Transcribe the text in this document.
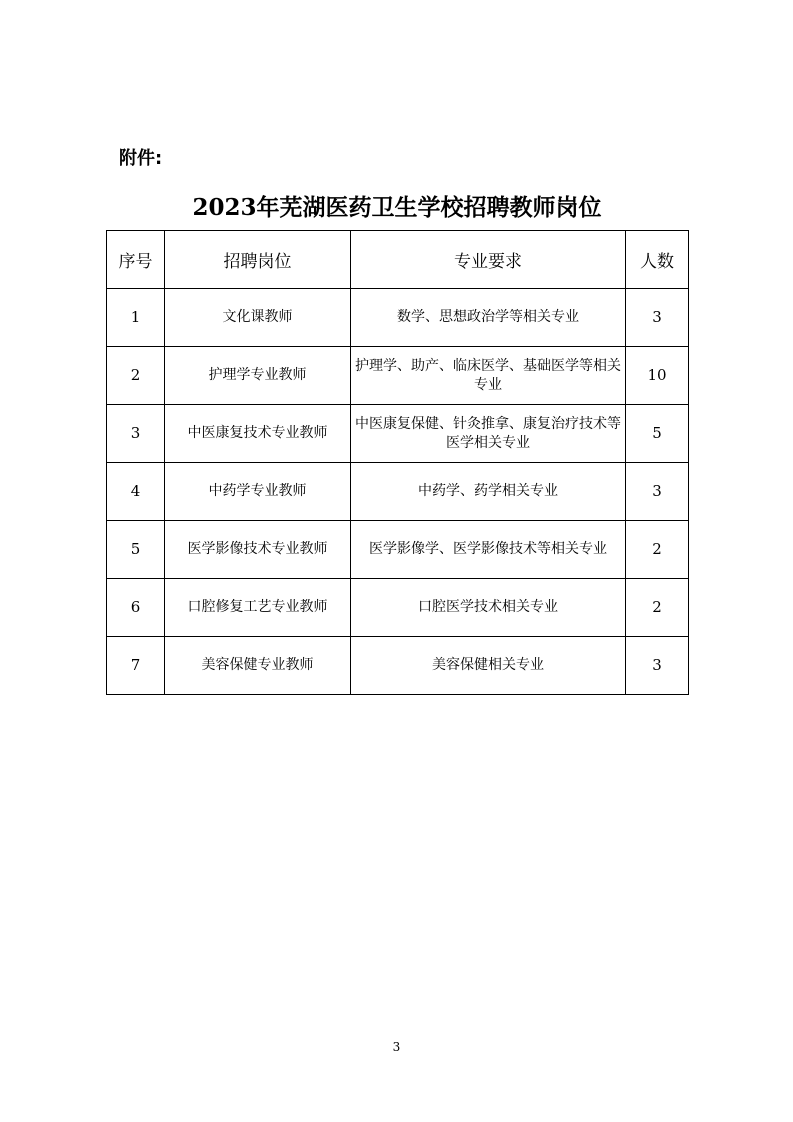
附件:
2023年芜湖医药卫生学校招聘教师岗位
序号	招聘岗位	专业要求	人数
1	文化课教师	数学、思想政治学等相关专业	3
2	护理学专业教师	护理学、助产、临床医学、基础医学等相关专业	10
3	中医康复技术专业教师	中医康复保健、针灸推拿、康复治疗技术等医学相关专业	5
4	中药学专业教师	中药学、药学相关专业	3
5	医学影像技术专业教师	医学影像学、医学影像技术等相关专业	2
6	口腔修复工艺专业教师	口腔医学技术相关专业	2
7	美容保健专业教师	美容保健相关专业	3
3
